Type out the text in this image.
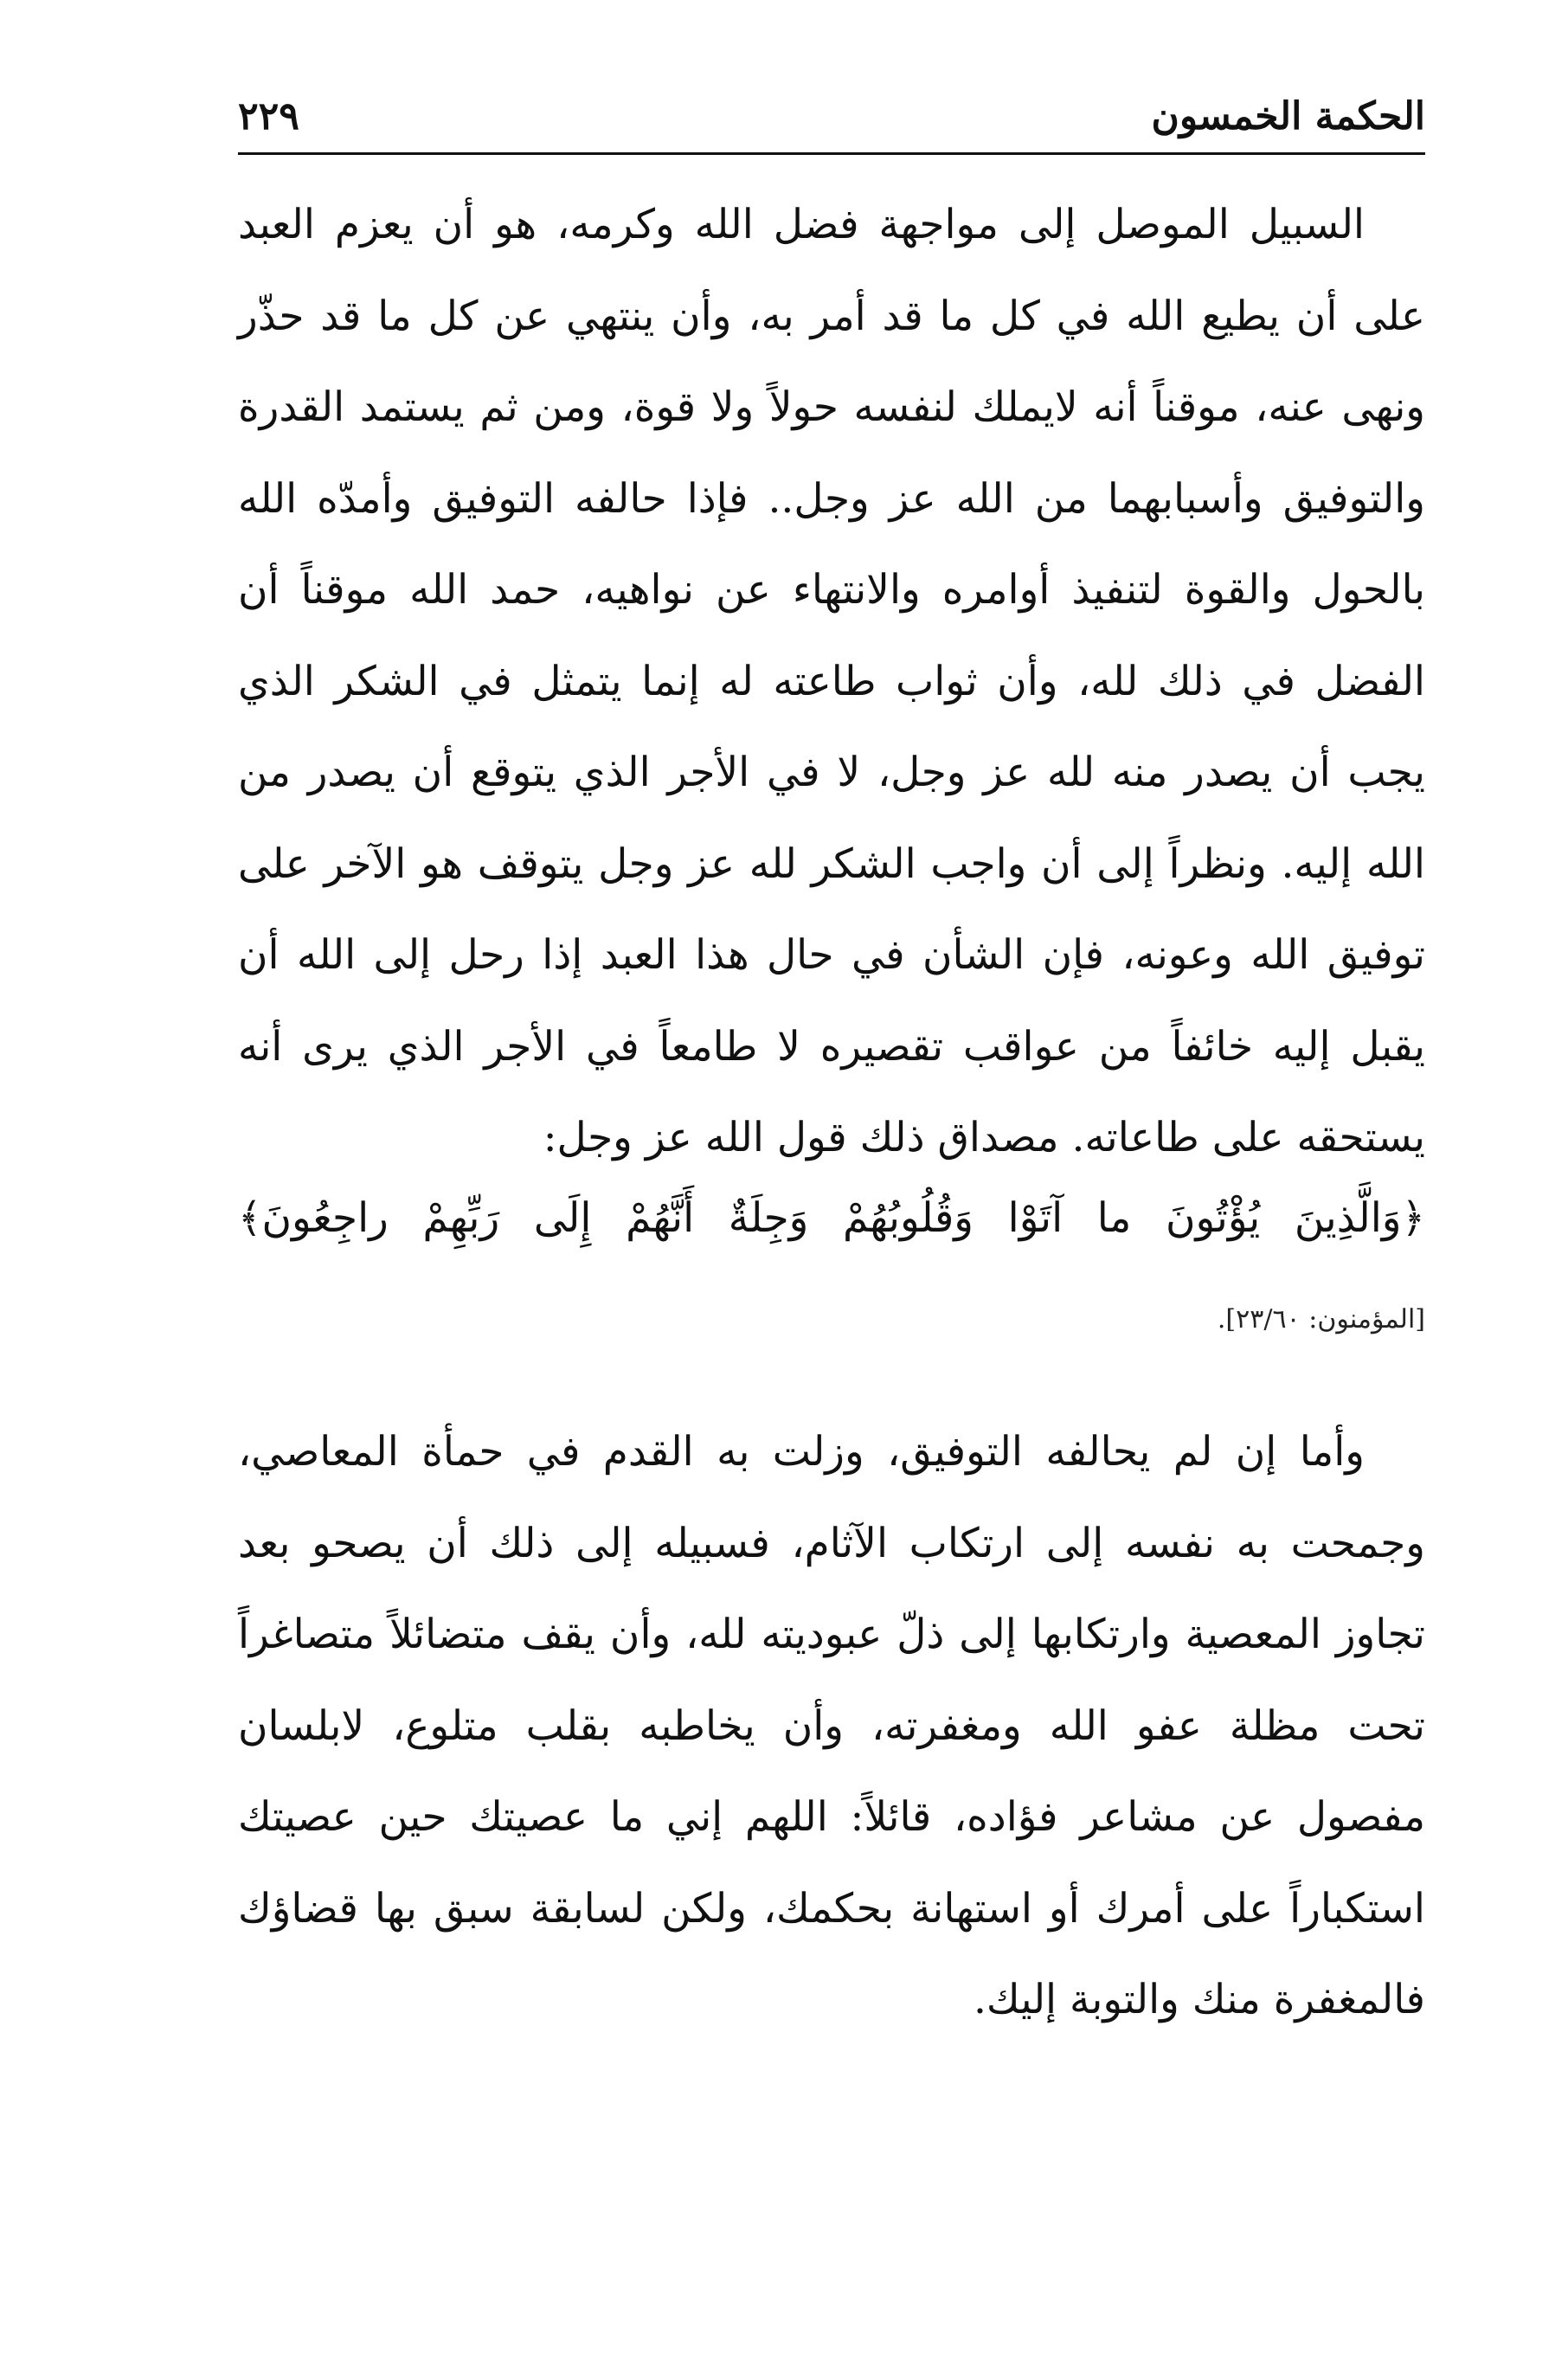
الحكمة الخمسون
٢٢٩

السبيل الموصل إلى مواجهة فضل الله وكرمه، هو أن يعزم العبد على أن يطيع الله في كل ما قد أمر به، وأن ينتهي عن كل ما قد حذّر ونهى عنه، موقناً أنه لايملك لنفسه حولاً ولا قوة، ومن ثم يستمد القدرة والتوفيق وأسبابهما من الله عز وجل.. فإذا حالفه التوفيق وأمدّه الله بالحول والقوة لتنفيذ أوامره والانتهاء عن نواهيه، حمد الله موقناً أن الفضل في ذلك لله، وأن ثواب طاعته له إنما يتمثل في الشكر الذي يجب أن يصدر منه لله عز وجل، لا في الأجر الذي يتوقع أن يصدر من الله إليه. ونظراً إلى أن واجب الشكر لله عز وجل يتوقف هو الآخر على توفيق الله وعونه، فإن الشأن في حال هذا العبد إذا رحل إلى الله أن يقبل إليه خائفاً من عواقب تقصيره لا طامعاً في الأجر الذي يرى أنه يستحقه على طاعاته. مصداق ذلك قول الله عز وجل:

﴿وَالَّذِينَ يُؤْتُونَ ما آتَوْا وَقُلُوبُهُمْ وَجِلَةٌ أَنَّهُمْ إِلَى رَبِّهِمْ راجِعُونَ﴾
[المؤمنون: ٢٣/٦٠].

وأما إن لم يحالفه التوفيق، وزلت به القدم في حمأة المعاصي، وجمحت به نفسه إلى ارتكاب الآثام، فسبيله إلى ذلك أن يصحو بعد تجاوز المعصية وارتكابها إلى ذلّ عبوديته لله، وأن يقف متضائلاً متصاغراً تحت مظلة عفو الله ومغفرته، وأن يخاطبه بقلب متلوع، لابلسان مفصول عن مشاعر فؤاده، قائلاً: اللهم إني ما عصيتك حين عصيتك استكباراً على أمرك أو استهانة بحكمك، ولكن لسابقة سبق بها قضاؤك فالمغفرة منك والتوبة إليك.
